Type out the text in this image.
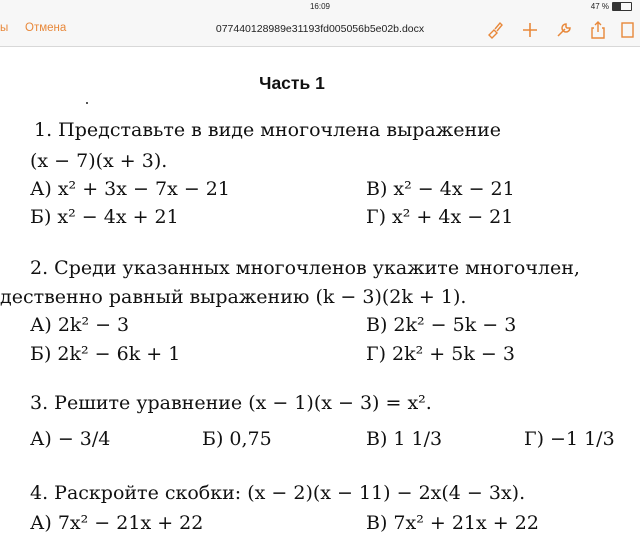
16:09	47 %
ы Отмена	077440128989e31193fd005056b5e02b.docx
Часть 1
1. Представьте в виде многочлена выражение
(x − 7)(x + 3).
А) x² + 3x − 7x − 21	В) x² − 4x − 21
Б) x² − 4x + 21	Г) x² + 4x − 21
2. Среди указанных многочленов укажите многочлен,
дественно равный выражению (k − 3)(2k + 1).
А) 2k² − 3	В) 2k² − 5k − 3
Б) 2k² − 6k + 1	Г) 2k² + 5k − 3
3. Решите уравнение (x − 1)(x − 3) = x².
А) − 3/4	Б) 0,75	В) 1 1/3	Г) −1 1/3
4. Раскройте скобки: (x − 2)(x − 11) − 2x(4 − 3x).
А) 7x² − 21x + 22	В) 7x² + 21x + 22
